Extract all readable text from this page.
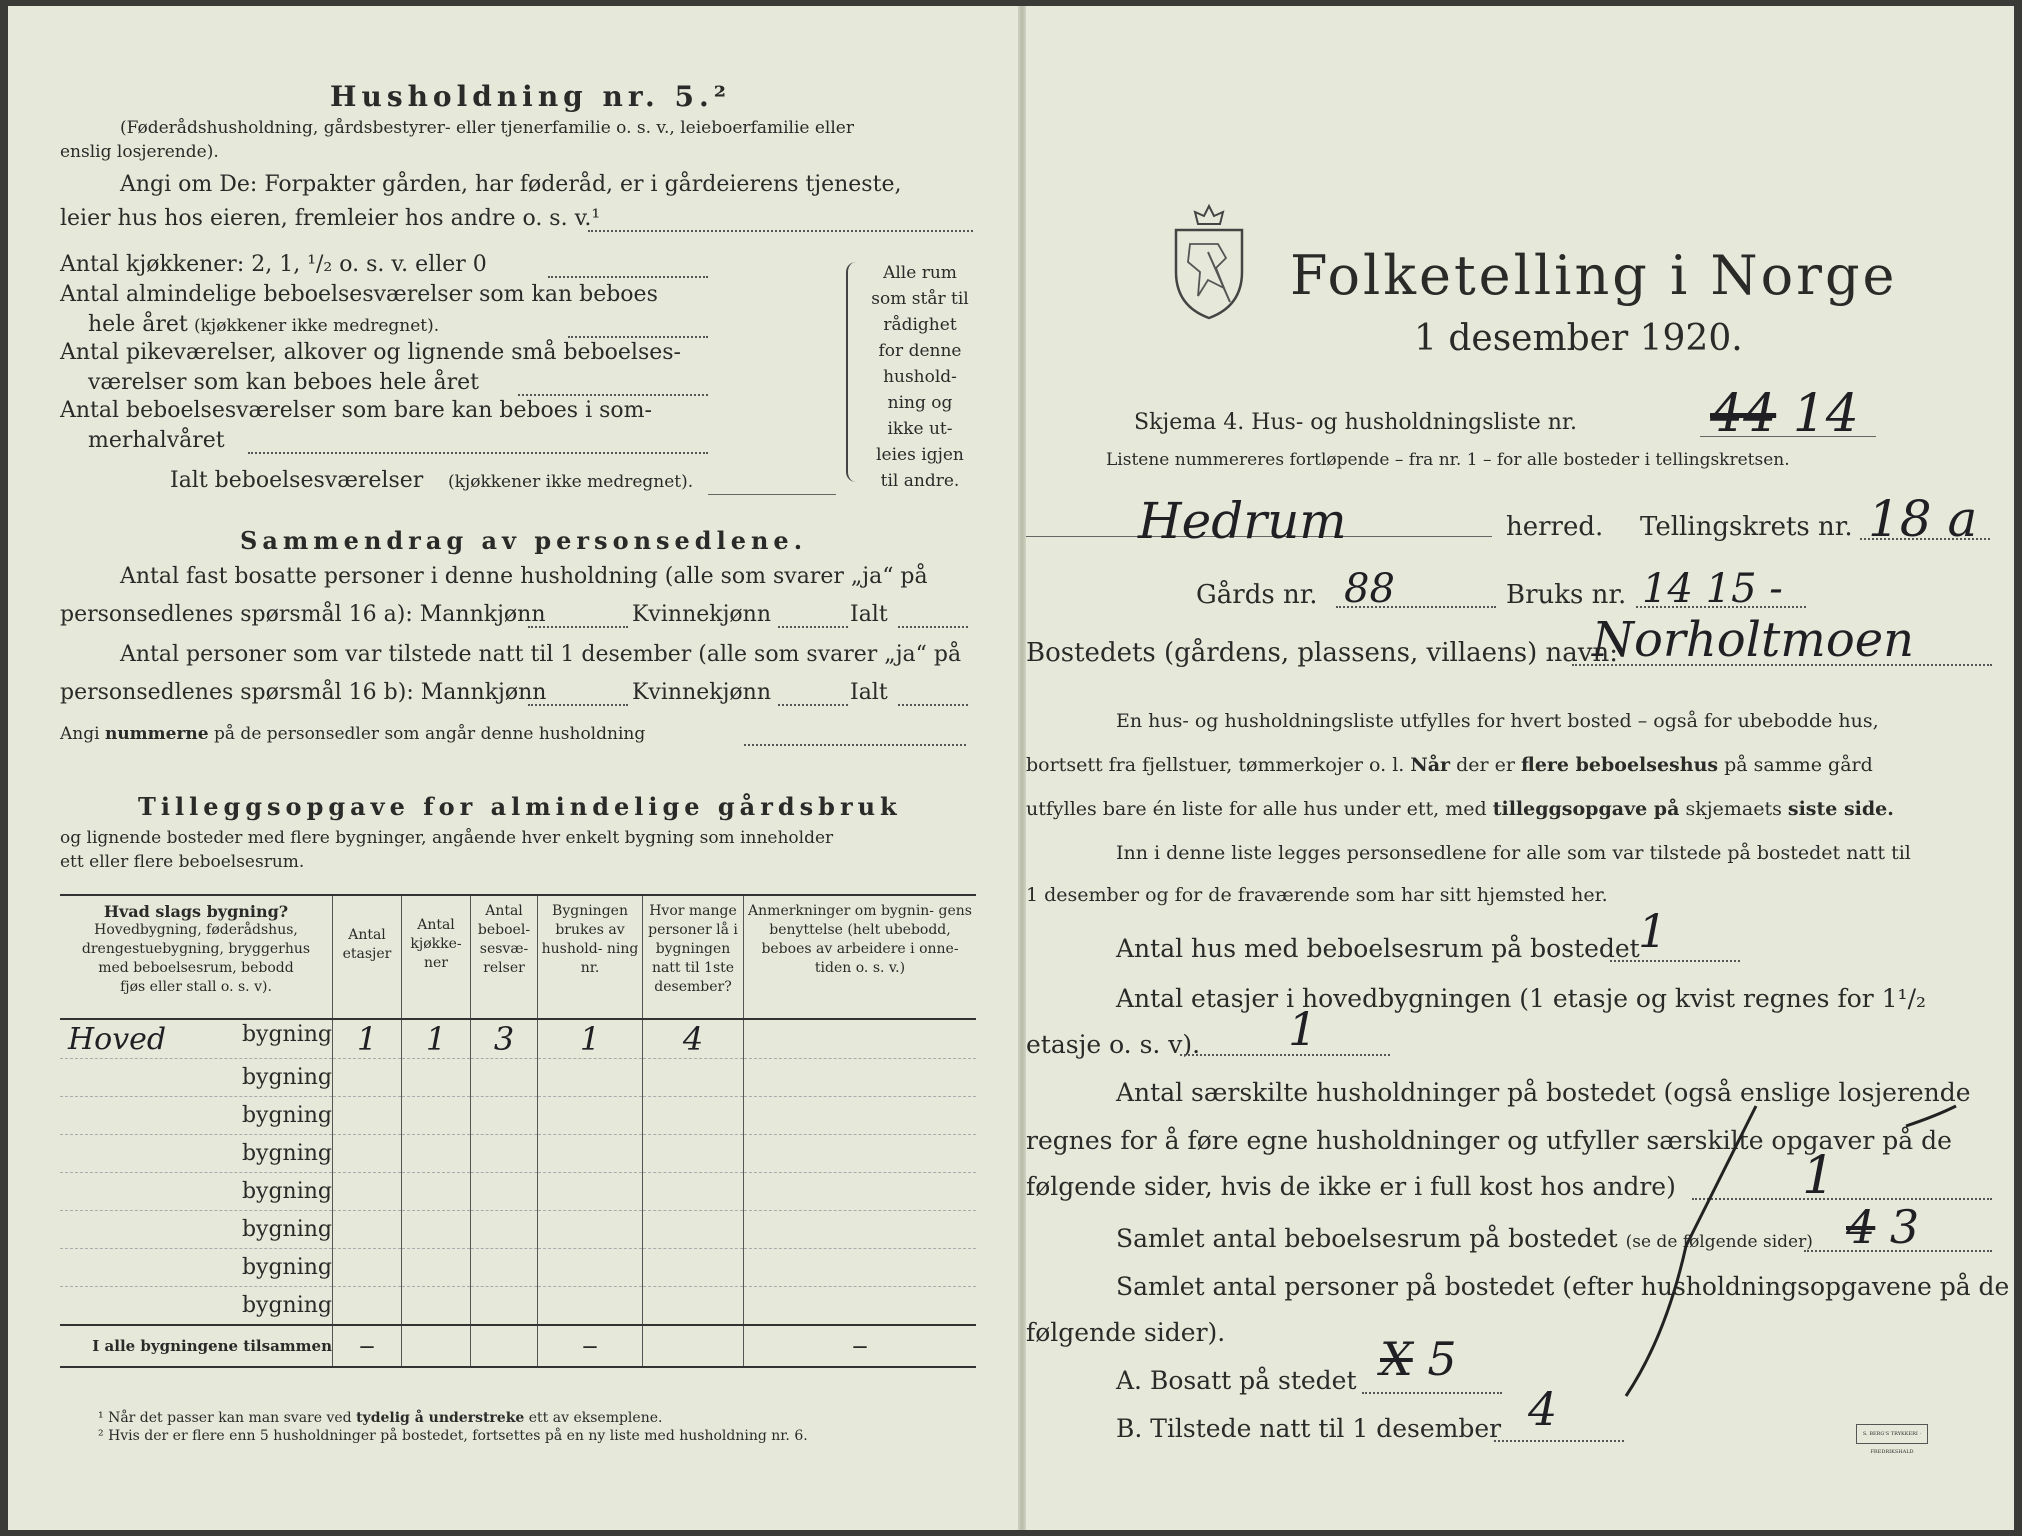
Husholdning nr. 5.²
(Føderådshusholdning, gårdsbestyrer- eller tjenerfamilie o. s. v., leieboerfamilie eller
enslig losjerende).
Angi om De: Forpakter gården, har føderåd, er i gårdeierens tjeneste,
leier hus hos eieren, fremleier hos andre o. s. v.¹
Antal kjøkkener: 2, 1, ¹/₂ o. s. v. eller 0
Antal almindelige beboelsesværelser som kan beboes
hele året (kjøkkener ikke medregnet).
Antal pikeværelser, alkover og lignende små beboelses-
værelser som kan beboes hele året
Antal beboelsesværelser som bare kan beboes i som-
merhalvåret
Ialt beboelsesværelser (kjøkkener ikke medregnet).
Alle rum
som står til
rådighet
for denne
hushold-
ning og
ikke ut-
leies igjen
til andre.
Sammendrag av personsedlene.
Antal fast bosatte personer i denne husholdning (alle som svarer „ja“ på
personsedlenes spørsmål 16 a): Mannkjønn	Kvinnekjønn	Ialt
Antal personer som var tilstede natt til 1 desember (alle som svarer „ja“ på
personsedlenes spørsmål 16 b): Mannkjønn	Kvinnekjønn	Ialt
Angi nummerne på de personsedler som angår denne husholdning
Tilleggsopgave for almindelige gårdsbruk
og lignende bosteder med flere bygninger, angående hver enkelt bygning som inneholder
ett eller flere beboelsesrum.
Hvad slags bygning?
Hovedbygning, føderådshus,
drengestuebygning, bryggerhus
med beboelsesrum, bebodd
fjøs eller stall o. s. v).	Antal etasjer	Antal kjøkke- ner	Antal beboel- sesvæ- relser	Bygningen brukes av hushold- ning nr.	Hvor mange personer lå i bygningen natt til 1ste desember?	Anmerkninger om bygnin- gens benyttelse (helt ubebodd, beboes av arbeidere i onne- tiden o. s. v.)

Hoved bygning	1	1	3	1	4	
bygning						
bygning						
bygning						
bygning						
bygning						
bygning						
bygning						
I alle bygningene tilsammen	—			—		—
¹ Når det passer kan man svare ved tydelig å understreke ett av eksemplene.
² Hvis der er flere enn 5 husholdninger på bostedet, fortsettes på en ny liste med husholdning nr. 6.
Folketelling i Norge
1 desember 1920.
Skjema 4. Hus- og husholdningsliste nr.	44 14
Listene nummereres fortløpende – fra nr. 1 – for alle bosteder i tellingskretsen.
Hedrum	herred. Tellingskrets nr. 18 a
Gårds nr. 88	Bruks nr. 14 15 -
Bostedets (gårdens, plassens, villaens) navn:
Norholtmoen
En hus- og husholdningsliste utfylles for hvert bosted – også for ubebodde hus,
bortsett fra fjellstuer, tømmerkojer o. l. Når der er flere beboelseshus på samme gård
utfylles bare én liste for alle hus under ett, med tilleggsopgave på skjemaets siste side.
Inn i denne liste legges personsedlene for alle som var tilstede på bostedet natt til
1 desember og for de fraværende som har sitt hjemsted her.
Antal hus med beboelsesrum på bostedet
1
Antal etasjer i hovedbygningen (1 etasje og kvist regnes for 1¹/₂
etasje o. s. v). 1
Antal særskilte husholdninger på bostedet (også enslige losjerende
regnes for å føre egne husholdninger og utfyller særskilte opgaver på de
følgende sider, hvis de ikke er i full kost hos andre) 1
Samlet antal beboelsesrum på bostedet (se de følgende sider) 4 3
Samlet antal personer på bostedet (efter husholdningsopgavene på de
følgende sider).
A. Bosatt på stedet X 5
B. Tilstede natt til 1 desember 4	S. BERG'S TRYKKERI · FREDRIKSHALD
